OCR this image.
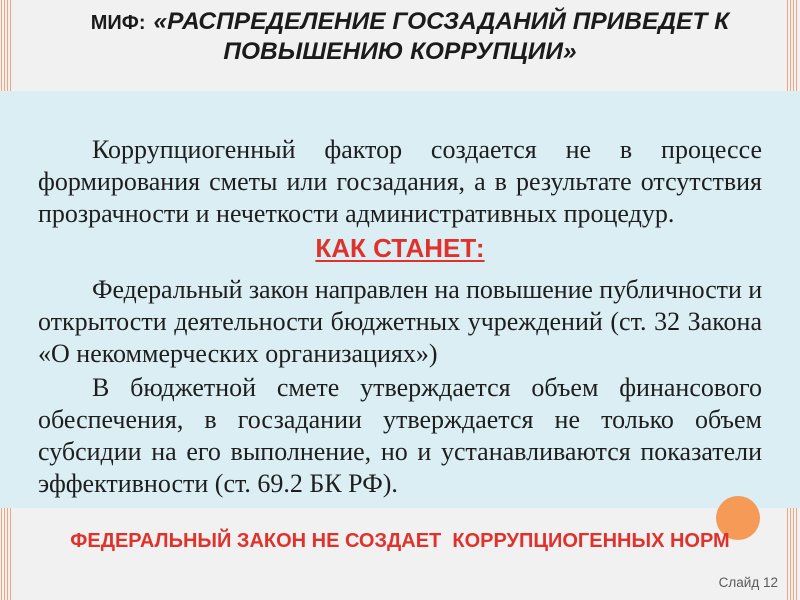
МИФ: «РАСПРЕДЕЛЕНИЕ ГОСЗАДАНИЙ ПРИВЕДЕТ К
ПОВЫШЕНИЮ КОРРУПЦИИ»
Коррупциогенный фактор создается не в процессе
формирования сметы или госзадания, а в результате отсутствия
прозрачности и нечеткости административных процедур.
КАК СТАНЕТ:
Федеральный закон направлен на повышение публичности и
открытости деятельности бюджетных учреждений (ст. 32 Закона
«О некоммерческих организациях»)
В бюджетной смете утверждается объем финансового
обеспечения, в госзадании утверждается не только объем
субсидии на его выполнение, но и устанавливаются показатели
эффективности (ст. 69.2 БК РФ).
ФЕДЕРАЛЬНЫЙ ЗАКОН НЕ СОЗДАЕТ  КОРРУПЦИОГЕННЫХ НОРМ
Слайд 12
